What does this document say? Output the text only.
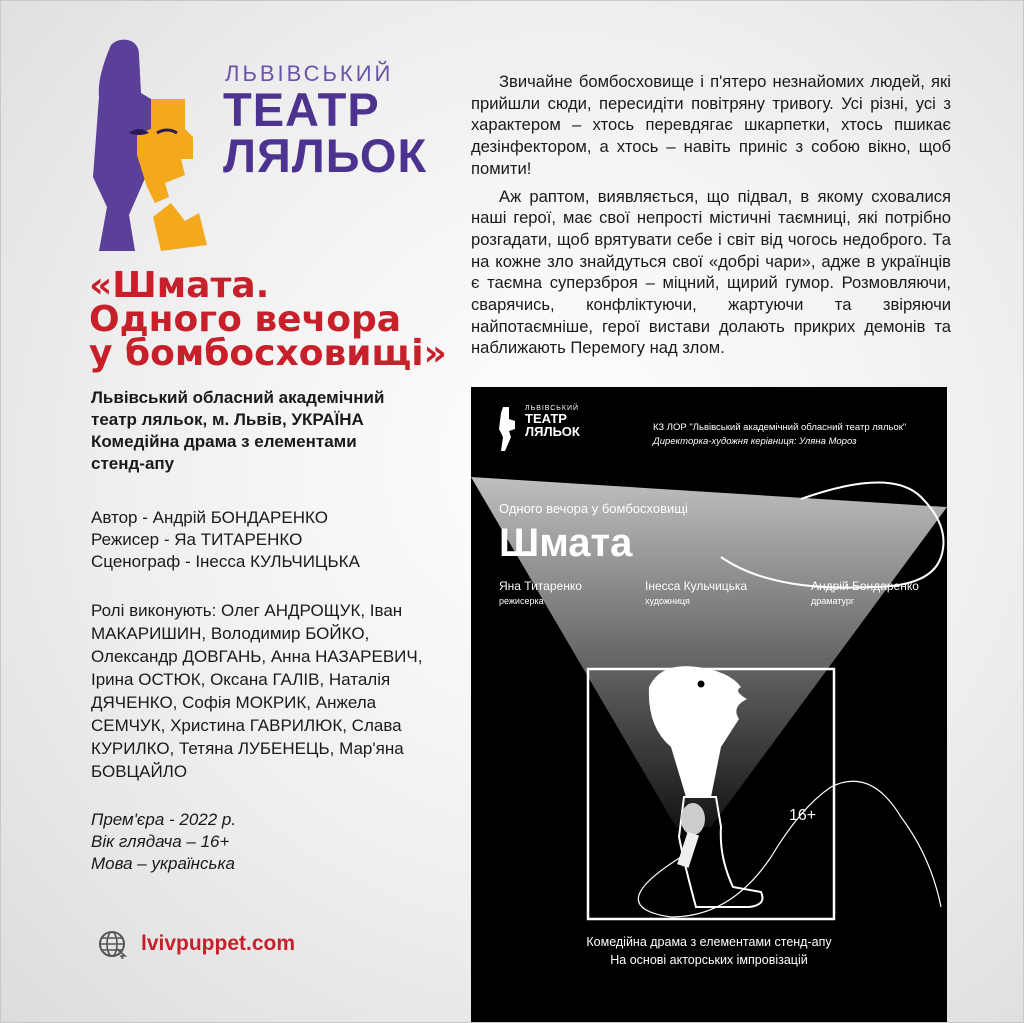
ЛЬВІВСЬКИЙ
ТЕАТР
ЛЯЛЬОК
«Шмата.
Одного вечора
у бомбосховищі»
Львівський обласний академічний
театр ляльок, м. Львів, УКРАЇНА
Комедійна драма з елементами
стенд-апу
Автор - Андрій БОНДАРЕНКО
Режисер - Яа ТИТАРЕНКО
Сценограф - Інесса КУЛЬЧИЦЬКА
Ролі виконують: Олег АНДРОЩУК, Іван МАКАРИШИН, Володимир БОЙКО, Олександр ДОВГАНЬ, Анна НАЗАРЕВИЧ, Ірина ОСТЮК, Оксана ГАЛІВ, Наталія ДЯЧЕНКО, Софія МОКРИК, Анжела СЕМЧУК, Христина ГАВРИЛЮК, Слава КУРИЛКО, Тетяна ЛУБЕНЕЦЬ, Мар'яна БОВЦАЙЛО
Прем'єра - 2022 р.
Вік глядача – 16+
Мова – українська
lvivpuppet.com

Звичайне бомбосховище і п'ятеро незнайомих людей, які прийшли сюди, пересидіти повітряну тривогу. Усі різні, усі з характером – хтось перевдягає шкарпетки, хтось пшикає дезінфектором, а хтось – навіть приніс з собою вікно, щоб помити!

Аж раптом, виявляється, що підвал, в якому сховалися наші герої, має свої непрості містичні таємниці, які потрібно розгадати, щоб врятувати себе і світ від чогось недоброго. Та на кожне зло знайдуться свої «добрі чари», адже в українців є таємна суперзброя – міцний, щирий гумор. Розмовляючи, сварячись, конфліктуючи, жартуючи та звіряючи найпотаємніше, герої вистави долають прикрих демонів та наближають Перемогу над злом.

ЛЬВІВСЬКИЙ
ТЕАТР
ЛЯЛЬОК	КЗ ЛОР "Львівський академічний обласний театр ляльок"
Директорка-художня керівниця: Уляна Мороз
Одного вечора у бомбосховищі
Шмата
Яна Титаренко
режисерка
Інесса Кульчицька
художниця
Андрій Бондаренко
драматург
16+
Комедійна драма з елементами стенд-апу
На основі акторських імпровізацій
